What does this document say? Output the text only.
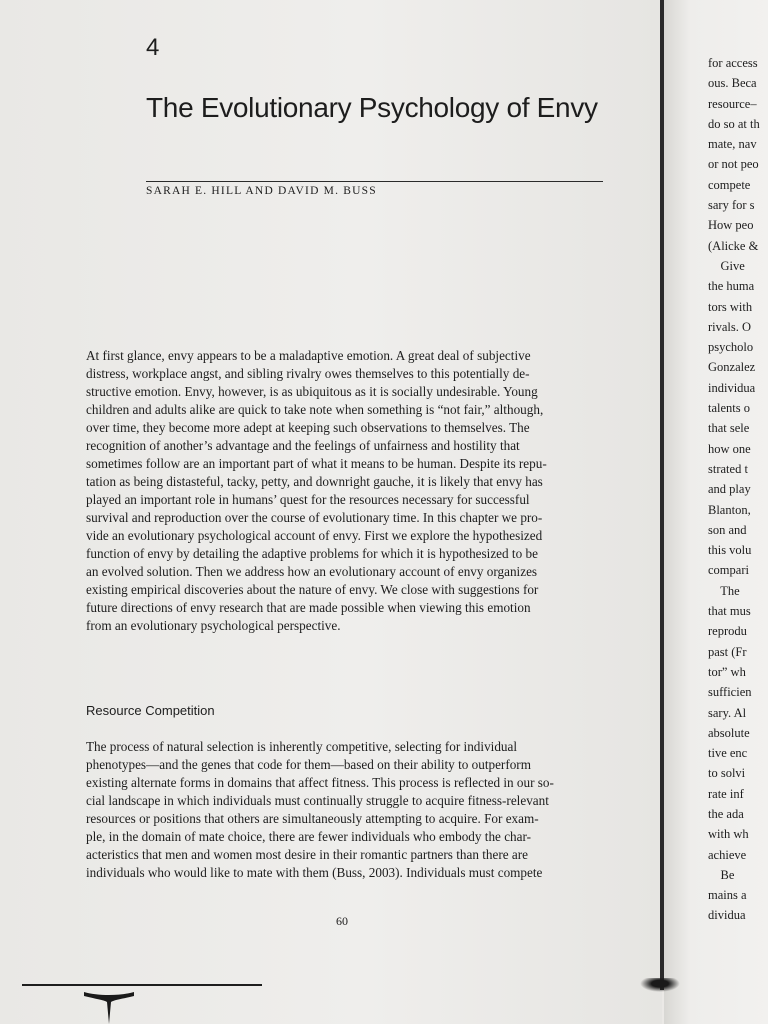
4
The Evolutionary Psychology of Envy
SARAH E. HILL AND DAVID M. BUSS
At first glance, envy appears to be a maladaptive emotion. A great deal of subjective
distress, workplace angst, and sibling rivalry owes themselves to this potentially de-
structive emotion. Envy, however, is as ubiquitous as it is socially undesirable. Young
children and adults alike are quick to take note when something is “not fair,” although,
over time, they become more adept at keeping such observations to themselves. The
recognition of another’s advantage and the feelings of unfairness and hostility that
sometimes follow are an important part of what it means to be human. Despite its repu-
tation as being distasteful, tacky, petty, and downright gauche, it is likely that envy has
played an important role in humans’ quest for the resources necessary for successful
survival and reproduction over the course of evolutionary time. In this chapter we pro-
vide an evolutionary psychological account of envy. First we explore the hypothesized
function of envy by detailing the adaptive problems for which it is hypothesized to be
an evolved solution. Then we address how an evolutionary account of envy organizes
existing empirical discoveries about the nature of envy. We close with suggestions for
future directions of envy research that are made possible when viewing this emotion
from an evolutionary psychological perspective.
Resource Competition
The process of natural selection is inherently competitive, selecting for individual
phenotypes—and the genes that code for them—based on their ability to outperform
existing alternate forms in domains that affect fitness. This process is reflected in our so-
cial landscape in which individuals must continually struggle to acquire fitness-relevant
resources or positions that others are simultaneously attempting to acquire. For exam-
ple, in the domain of mate choice, there are fewer individuals who embody the char-
acteristics that men and women most desire in their romantic partners than there are
individuals who would like to mate with them (Buss, 2003). Individuals must compete
60
for access
ous. Beca
resource–
do so at th
mate, nav
or not peo
compete
sary for s
How peo
(Alicke &
Give
the huma
tors with
rivals. O
psycholo
Gonzalez
individua
talents o
that sele
how one
strated t
and play
Blanton,
son and
this volu
compari
The
that mus
reprodu
past (Fr
tor” wh
sufficien
sary. Al
absolute
tive enc
to solvi
rate inf
the ada
with wh
achieve
Be
mains a
dividua
